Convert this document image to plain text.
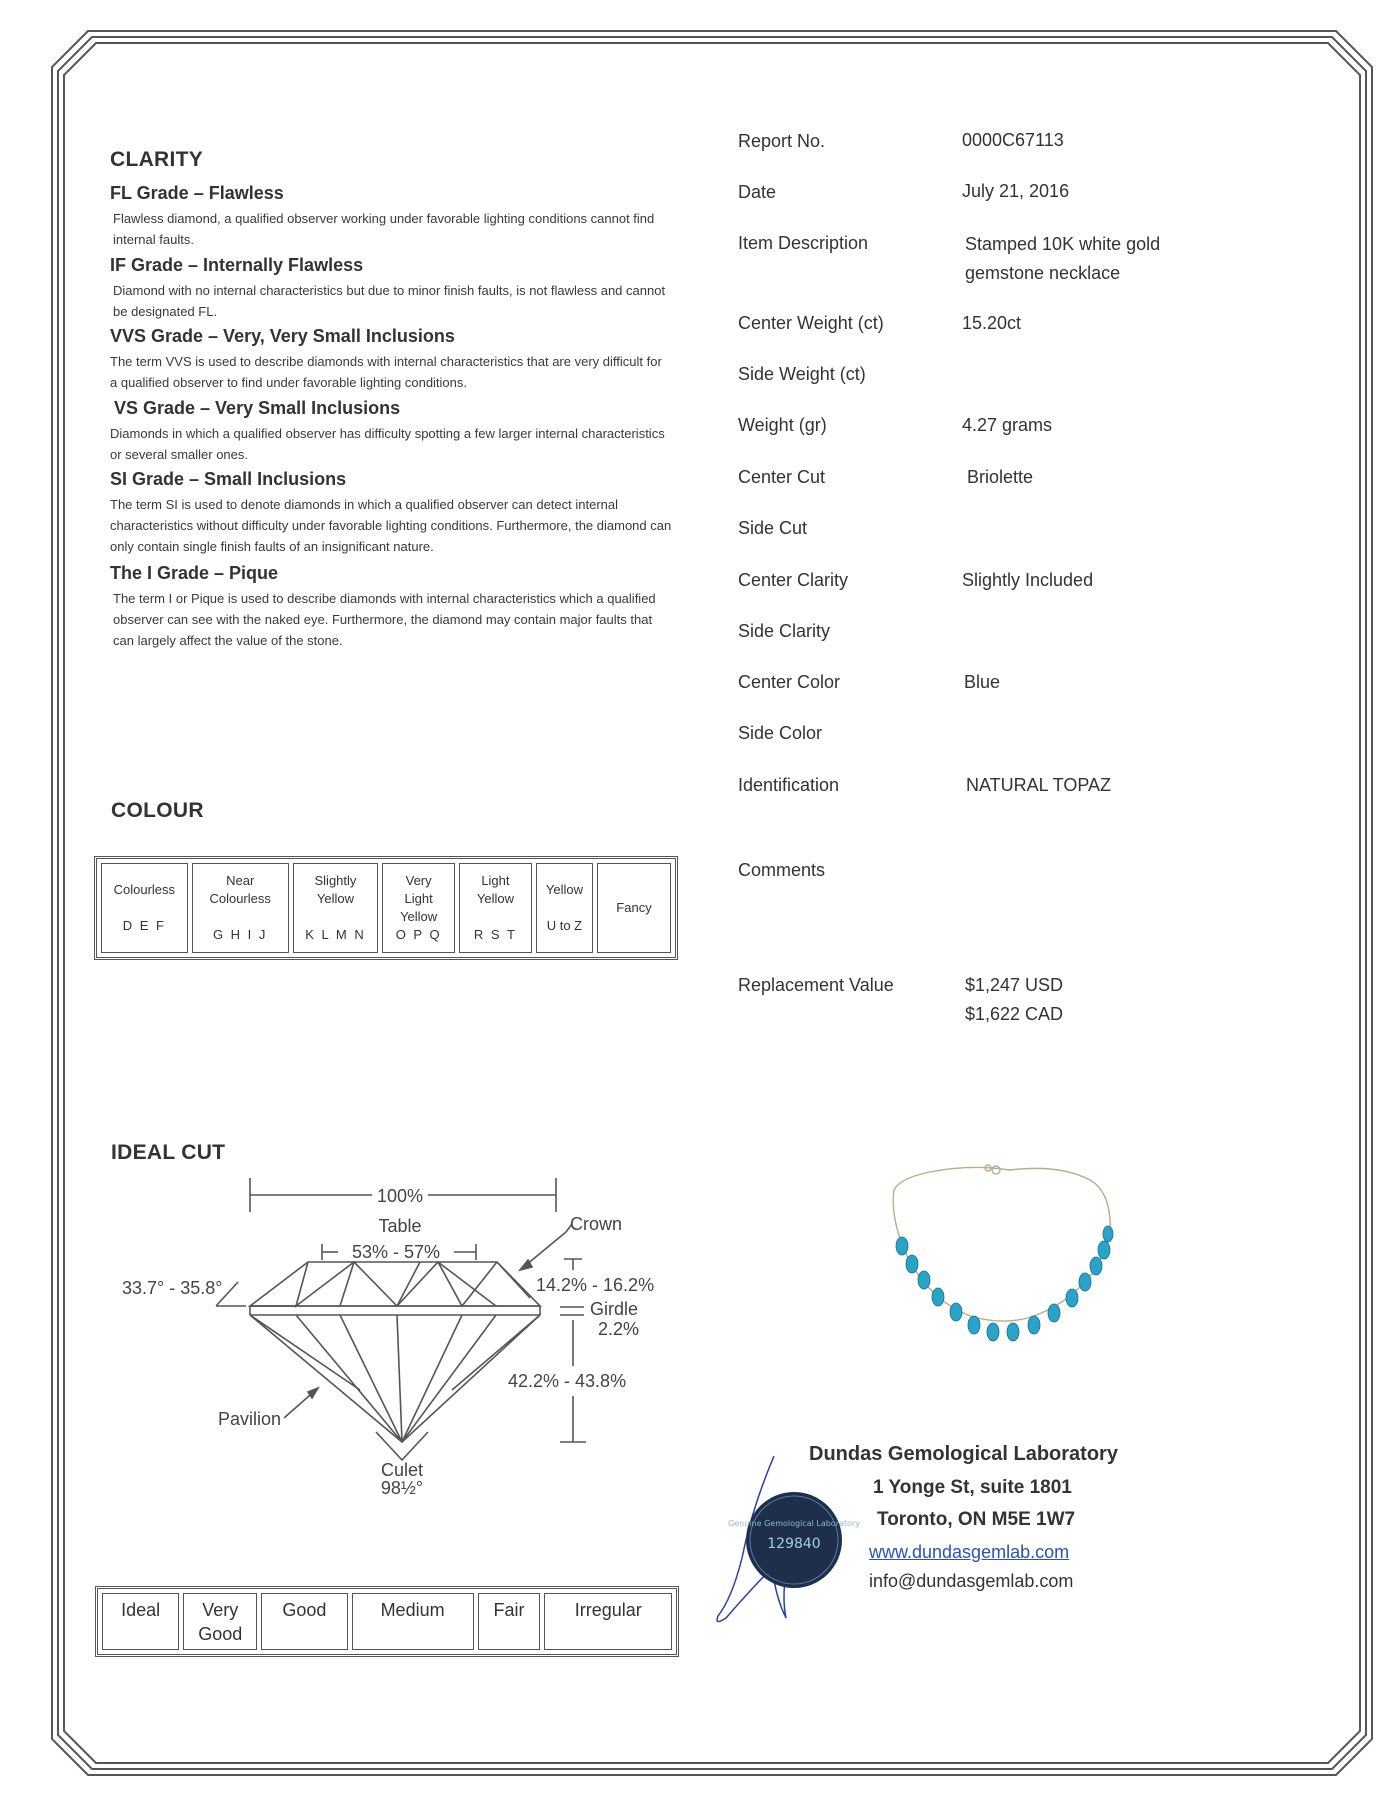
CLARITY
FL Grade – Flawless
Flawless diamond, a qualified observer working under favorable lighting conditions cannot find internal faults.
IF Grade – Internally Flawless
Diamond with no internal characteristics but due to minor finish faults, is not flawless and cannot be designated FL.
VVS Grade – Very, Very Small Inclusions
The term VVS is used to describe diamonds with internal characteristics that are very difficult for a qualified observer to find under favorable lighting conditions.
VS Grade – Very Small Inclusions
Diamonds in which a qualified observer has difficulty spotting a few larger internal characteristics or several smaller ones.
SI Grade – Small Inclusions
The term SI is used to denote diamonds in which a qualified observer can detect internal characteristics without difficulty under favorable lighting conditions. Furthermore, the diamond can only contain single finish faults of an insignificant nature.
The I Grade – Pique
The term I or Pique is used to describe diamonds with internal characteristics which a qualified observer can see with the naked eye. Furthermore, the diamond may contain major faults that can largely affect the value of the stone.
COLOUR
Colourless
D E F

Near Colourless
G H I J

Slightly Yellow
K L M N

Very Light Yellow
O P Q

Light Yellow
R S T

Yellow
U to Z

Fancy
IDEAL CUT
100%
Table
53% - 57%
Crown
33.7° - 35.8°	14.2% - 16.2%
Girdle
2.2%
42.2% - 43.8%
Pavilion
Culet
98½°
Ideal	Very Good	Good	Medium	Fair	Irregular
Report No.	0000C67113
Date	July 21, 2016
Item Description	Stamped 10K white gold
gemstone necklace
Center Weight (ct)	15.20ct
Side Weight (ct)
Weight (gr)	4.27 grams
Center Cut	Briolette
Side Cut
Center Clarity	Slightly Included
Side Clarity
Center Color	Blue
Side Color
Identification	NATURAL TOPAZ
Comments
Replacement Value	$1,247 USD
$1,622 CAD
Genuine Gemological Laboratory
129840
Dundas Gemological Laboratory
1 Yonge St, suite 1801
Toronto, ON M5E 1W7
www.dundasgemlab.com
info@dundasgemlab.com
